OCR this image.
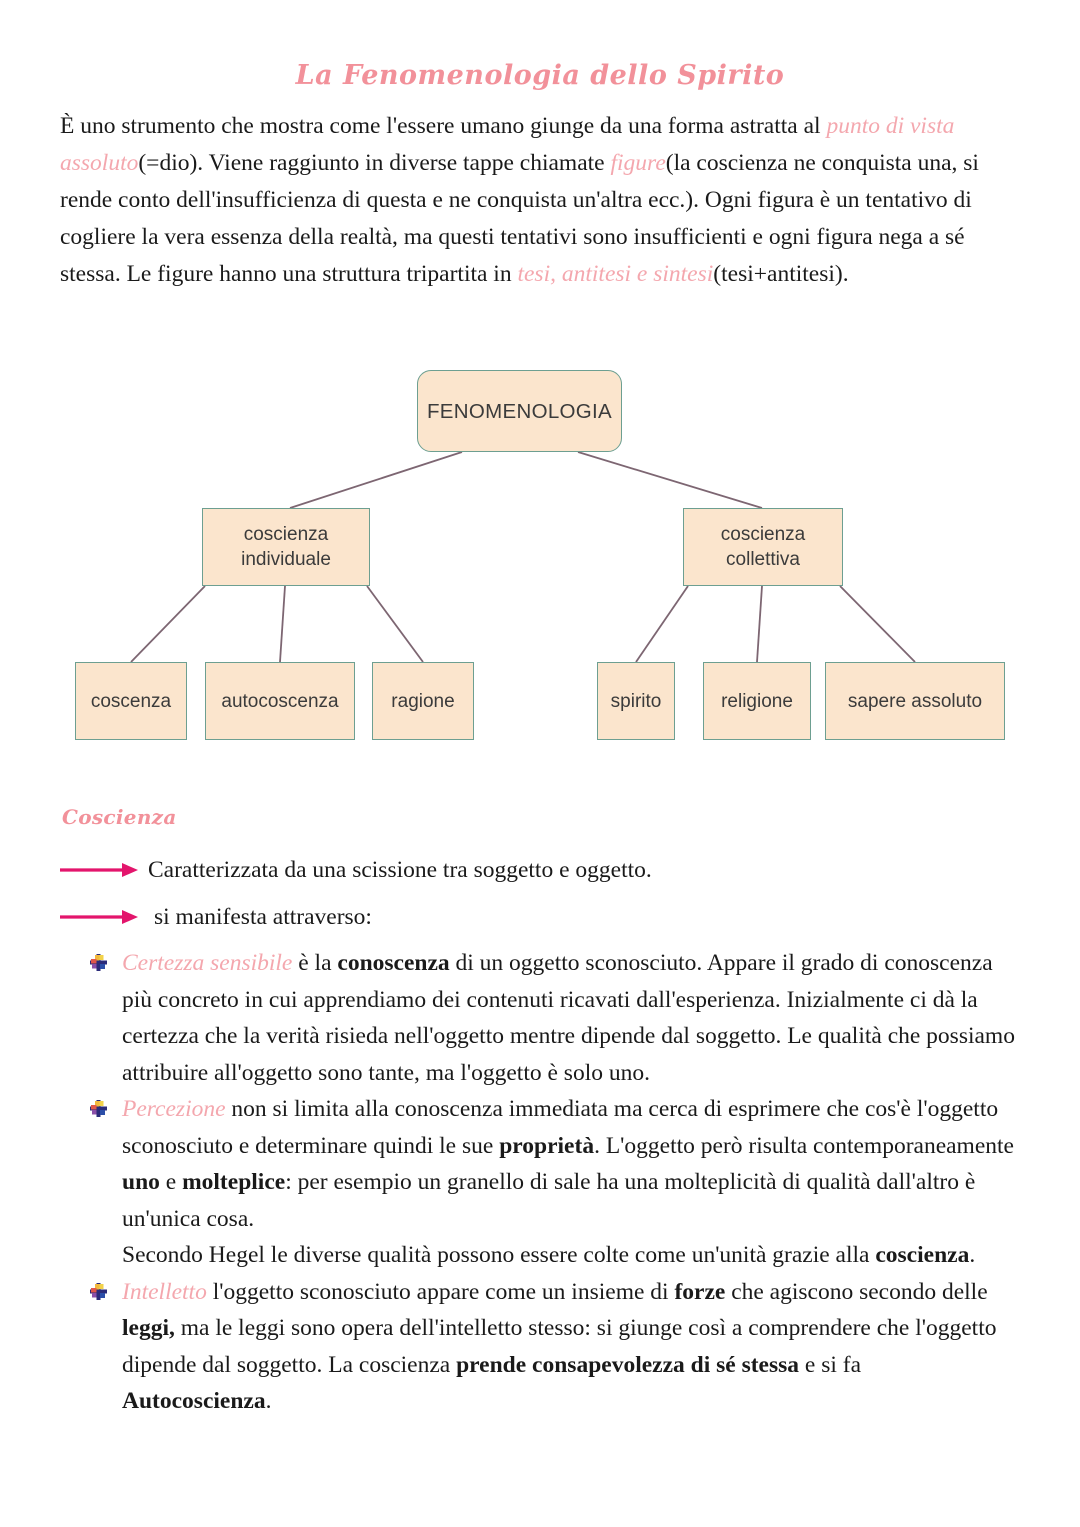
La Fenomenologia dello Spirito
È uno strumento che mostra come l'essere umano giunge da una forma astratta al punto di vista assoluto(=dio). Viene raggiunto in diverse tappe chiamate figure(la coscienza ne conquista una, si rende conto dell'insufficienza di questa e ne conquista un'altra ecc.). Ogni figura è un tentativo di cogliere la vera essenza della realtà, ma questi tentativi sono insufficienti e ogni figura nega a sé stessa. Le figure hanno una struttura tripartita in tesi, antitesi e sintesi(tesi+antitesi).
FENOMENOLOGIA
coscienza
individuale
coscienza
collettiva
coscenza	autocoscenza	ragione	spirito	religione	sapere assoluto
Coscienza
Caratterizzata da una scissione tra soggetto e oggetto.
si manifesta attraverso:
Certezza sensibile è la conoscenza di un oggetto sconosciuto. Appare il grado di conoscenza più concreto in cui apprendiamo dei contenuti ricavati dall'esperienza. Inizialmente ci dà la certezza che la verità risieda nell'oggetto mentre dipende dal soggetto. Le qualità che possiamo attribuire all'oggetto sono tante, ma l'oggetto è solo uno.
Percezione non si limita alla conoscenza immediata ma cerca di esprimere che cos'è l'oggetto sconosciuto e determinare quindi le sue proprietà. L'oggetto però risulta contemporaneamente uno e molteplice: per esempio un granello di sale ha una molteplicità di qualità dall'altro è un'unica cosa.
Secondo Hegel le diverse qualità possono essere colte come un'unità grazie alla coscienza.
Intelletto l'oggetto sconosciuto appare come un insieme di forze che agiscono secondo delle leggi, ma le leggi sono opera dell'intelletto stesso: si giunge così a comprendere che l'oggetto dipende dal soggetto. La coscienza prende consapevolezza di sé stessa e si fa Autocoscienza.
